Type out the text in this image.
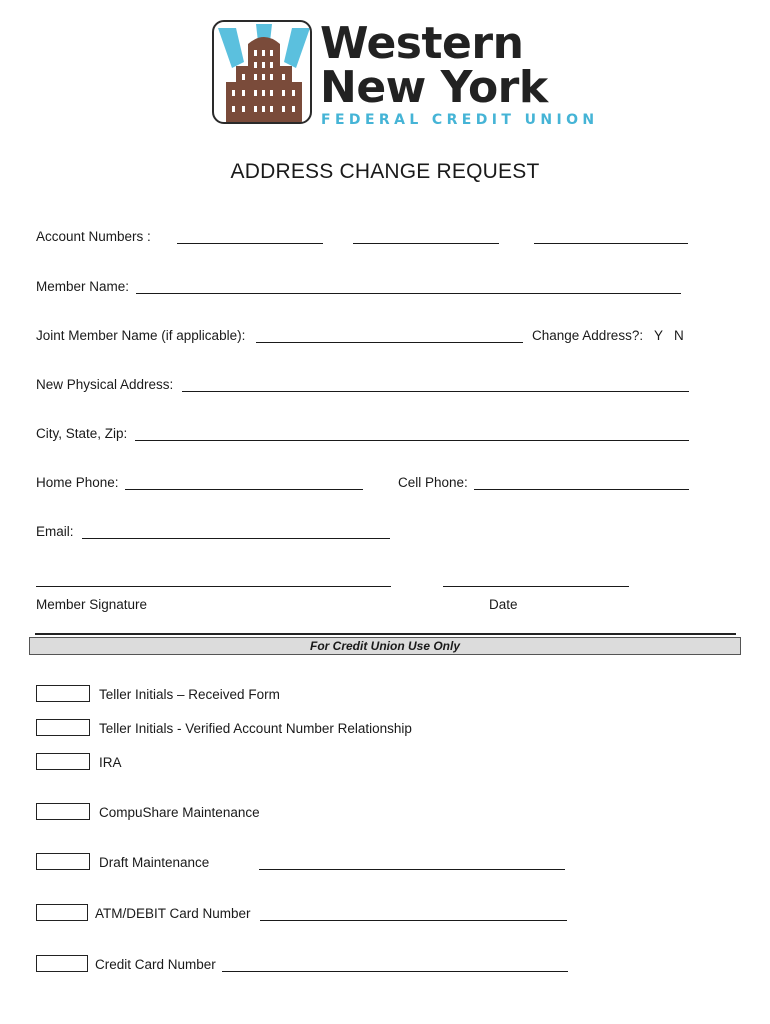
Western
New York
FEDERAL CREDIT UNION
ADDRESS CHANGE REQUEST
Account Numbers :
Member Name:
Joint Member Name (if applicable):	Change Address?: Y N
New Physical Address:
City, State, Zip:
Home Phone:	Cell Phone:
Email:
Member Signature	Date
For Credit Union Use Only
Teller Initials – Received Form
Teller Initials - Verified Account Number Relationship
IRA
CompuShare Maintenance
Draft Maintenance
ATM/DEBIT Card Number
Credit Card Number
